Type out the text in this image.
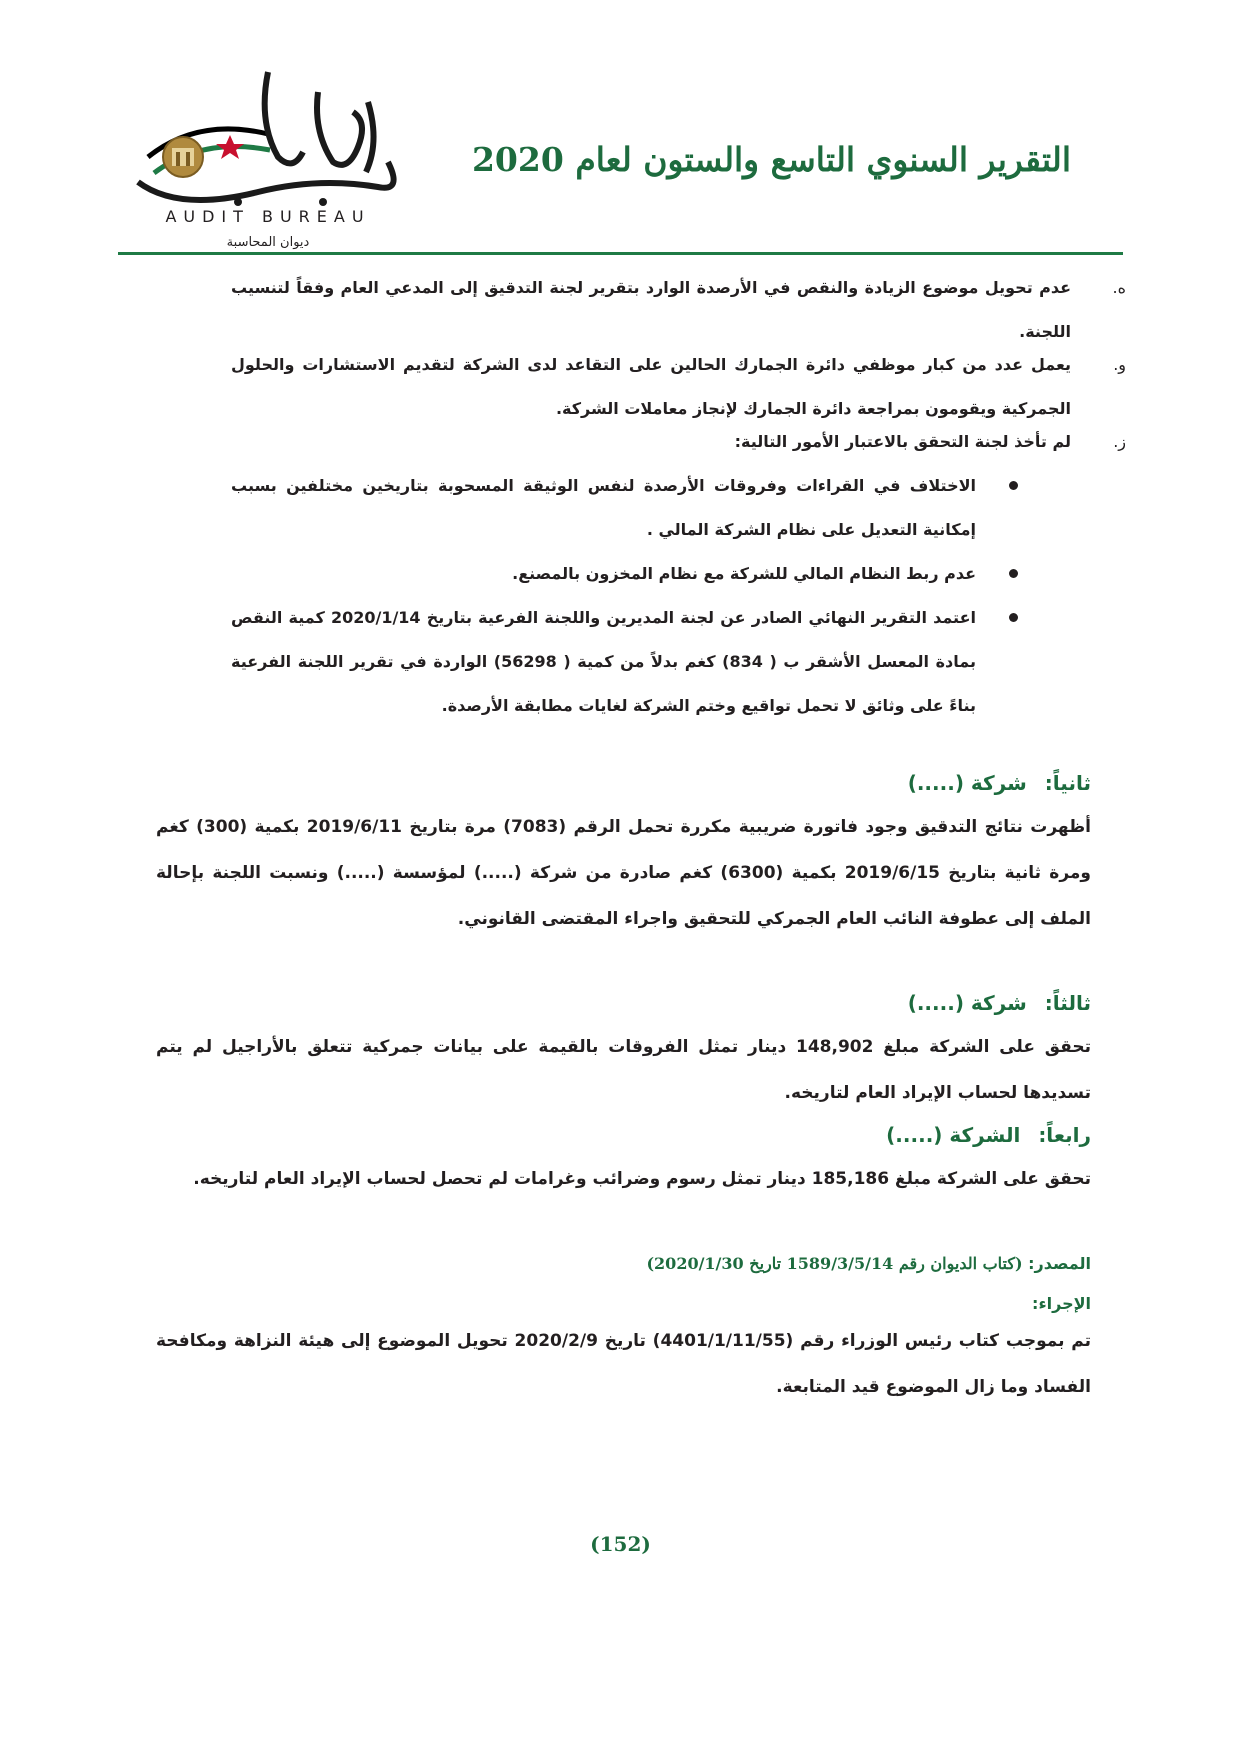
AUDIT BUREAU
ديوان المحاسبة
التقرير السنوي التاسع والستون لعام 2020
ه.
عدم تحويل موضوع الزيادة والنقص في الأرصدة الوارد بتقرير لجنة التدقيق إلى المدعي العام وفقاً لتنسيب اللجنة.
و.
يعمل عدد من كبار موظفي دائرة الجمارك الحالين على التقاعد لدى الشركة لتقديم الاستشارات والحلول الجمركية ويقومون بمراجعة دائرة الجمارك لإنجاز معاملات الشركة.
ز.
لم تأخذ لجنة التحقق بالاعتبار الأمور التالية:
الاختلاف في القراءات وفروقات الأرصدة لنفس الوثيقة المسحوبة بتاريخين مختلفين بسبب إمكانية التعديل على نظام الشركة المالي .
عدم ربط النظام المالي للشركة مع نظام المخزون بالمصنع.
اعتمد التقرير النهائي الصادر عن لجنة المديرين واللجنة الفرعية بتاريخ 2020/1/14 كمية النقص بمادة المعسل الأشقر ب ( 834) كغم بدلاً من كمية ( 56298) الواردة في تقرير اللجنة الفرعية بناءً على وثائق لا تحمل تواقيع وختم الشركة لغايات مطابقة الأرصدة.
ثانياً:شركة (.....)
أظهرت نتائج التدقيق وجود فاتورة ضريبية مكررة تحمل الرقم (7083) مرة بتاريخ 2019/6/11 بكمية (300) كغم ومرة ثانية بتاريخ 2019/6/15 بكمية (6300) كغم صادرة من شركة (.....) لمؤسسة (.....) ونسبت اللجنة بإحالة الملف إلى عطوفة النائب العام الجمركي للتحقيق واجراء المقتضى القانوني.
ثالثاً:شركة (.....)
تحقق على الشركة مبلغ 148,902 دينار تمثل الفروقات بالقيمة على بيانات جمركية تتعلق بالأراجيل لم يتم تسديدها لحساب الإيراد العام لتاريخه.
رابعاً:الشركة (.....)
تحقق على الشركة مبلغ 185,186 دينار تمثل رسوم وضرائب وغرامات لم تحصل لحساب الإيراد العام لتاريخه.
المصدر: (كتاب الديوان رقم 1589/3/5/14 تاريخ 2020/1/30)
الإجراء:
تم بموجب كتاب رئيس الوزراء رقم (4401/1/11/55) تاريخ 2020/2/9 تحويل الموضوع إلى هيئة النزاهة ومكافحة الفساد وما زال الموضوع قيد المتابعة.
(152)
